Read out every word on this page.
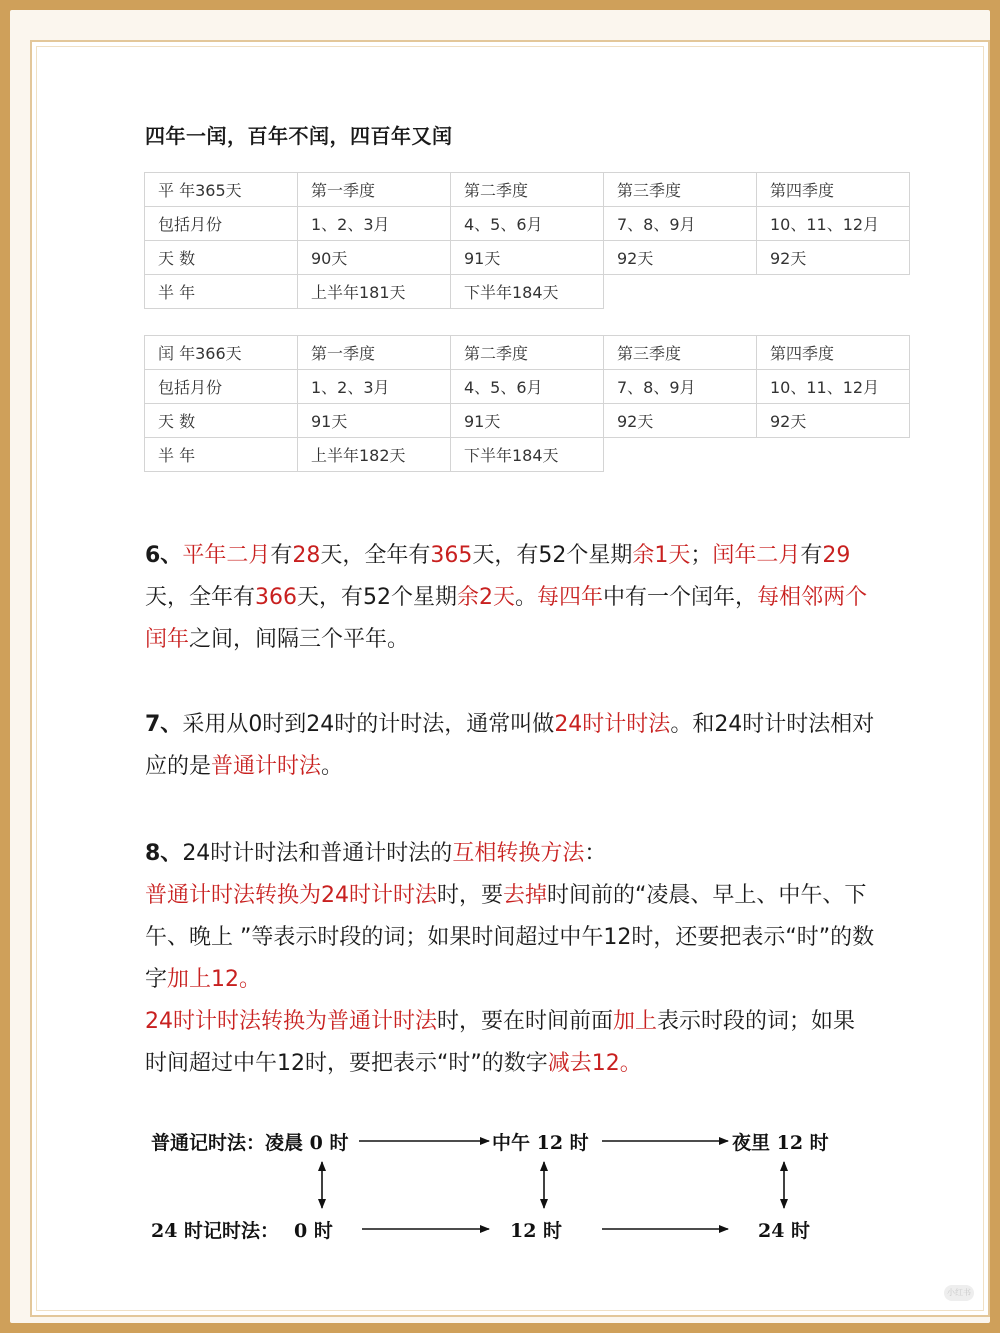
四年一闰，百年不闰，四百年又闰
平 年365天	第一季度	第二季度	第三季度	第四季度
包括月份	1、2、3月	4、5、6月	7、8、9月	10、11、12月
天 数	90天	91天	92天	92天
半 年	上半年181天	下半年184天		
闰 年366天	第一季度	第二季度	第三季度	第四季度
包括月份	1、2、3月	4、5、6月	7、8、9月	10、11、12月
天 数	91天	91天	92天	92天
半 年	上半年182天	下半年184天		
6、平年二月有28天，全年有365天，有52个星期余1天；闰年二月有29天，全年有366天，有52个星期余2天。每四年中有一个闰年，每相邻两个闰年之间，间隔三个平年。
7、采用从0时到24时的计时法，通常叫做24时计时法。和24时计时法相对应的是普通计时法。
8、24时计时法和普通计时法的互相转换方法：
普通计时法转换为24时计时法时，要去掉时间前的“凌晨、早上、中午、下午、晚上 ”等表示时段的词；如果时间超过中午12时，还要把表示“时”的数字加上12。
24时计时法转换为普通计时法时，要在时间前面加上表示时段的词；如果时间超过中午12时，要把表示“时”的数字减去12。
普通记时法：凌晨 0 时	中午 12 时	夜里 12 时
24 时记时法： 0 时	12 时	24 时
小红书
